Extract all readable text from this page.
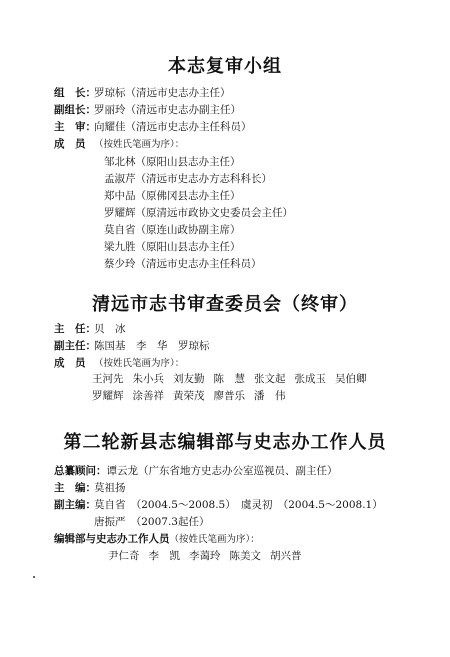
本志复审小组
组　长：罗琼标（清远市史志办主任）
副组长：罗丽玲（清远市史志办副主任）
主　审：向耀佳（清远市史志办主任科员）
成　员 （按姓氏笔画为序）：
邹北林（原阳山县志办主任）
孟淑芹（清远市史志办方志科科长）
郑中品（原佛冈县志办主任）
罗耀辉（原清远市政协文史委员会主任）
莫自省（原连山政协副主席）
梁九胜（原阳山县志办主任）
蔡少玲（清远市史志办主任科员）
清远市志书审查委员会（终审）
主　任：贝　冰
副主任：陈国基　李　华　罗琼标
成　员 （按姓氏笔画为序）：
王河先 朱小兵 刘友勤 陈　慧 张文起 张成玉 吴伯卿
罗耀辉 涂善祥 黄荣茂 廖普乐 潘　伟
第二轮新县志编辑部与史志办工作人员
总纂顾问：谭云龙（广东省地方史志办公室巡视员、副主任）
主　编：莫祖扬
副主编：莫自省　（2004.5～2008.5）　虞灵初　（2004.5～2008.1）
唐振严　（2007.3起任）
编辑部与史志办工作人员（按姓氏笔画为序）：
尹仁奇 李　凯 李蔼玲 陈美文 胡兴普
